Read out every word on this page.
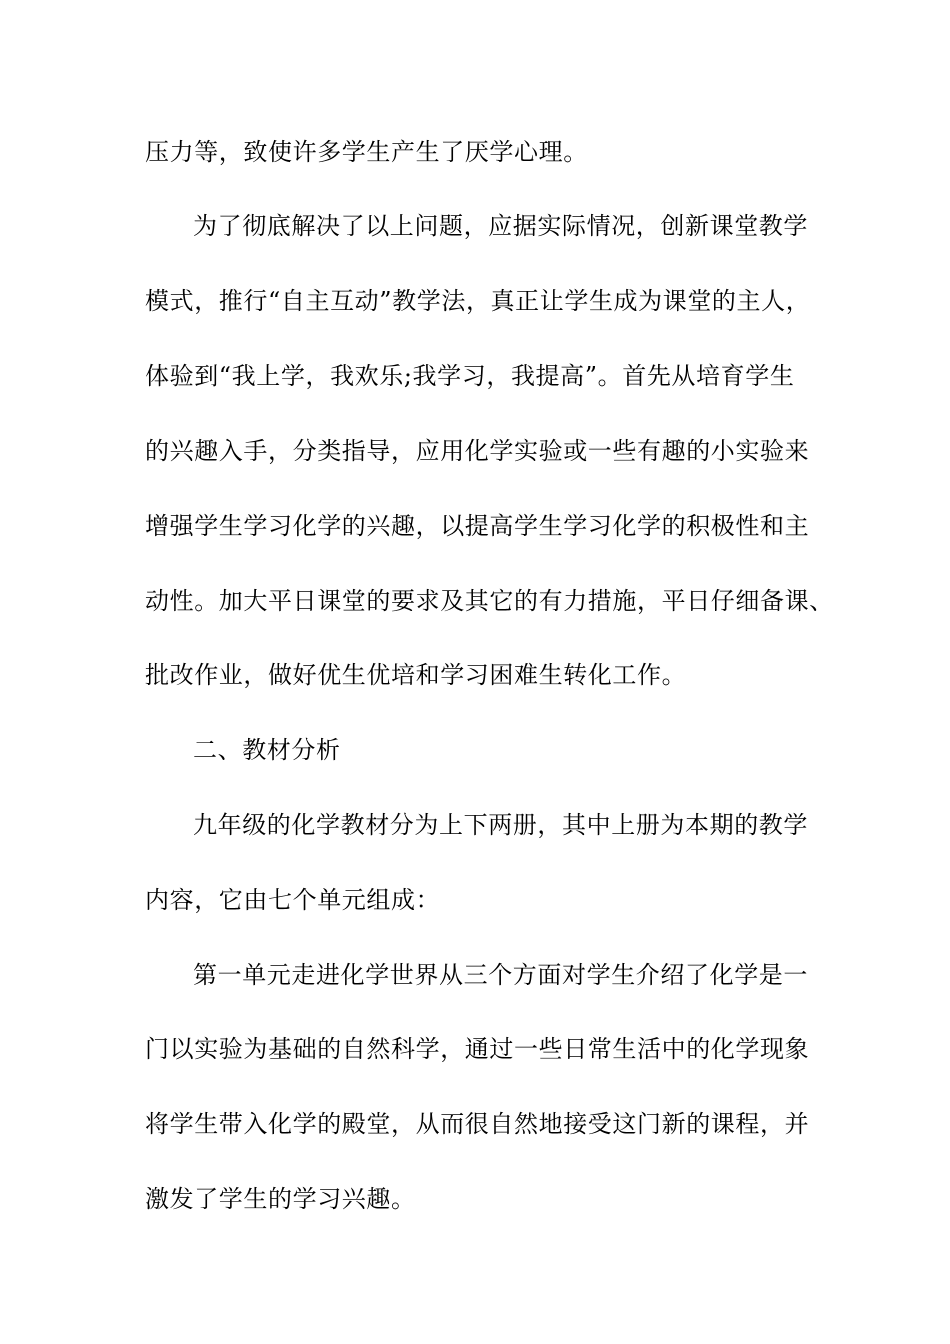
压力等，致使许多学生产生了厌学心理。
为了彻底解决了以上问题，应据实际情况，创新课堂教学
模式，推行“自主互动”教学法，真正让学生成为课堂的主人，
体验到“我上学，我欢乐;我学习，我提高”。首先从培育学生
的兴趣入手，分类指导，应用化学实验或一些有趣的小实验来
增强学生学习化学的兴趣，以提高学生学习化学的积极性和主
动性。加大平日课堂的要求及其它的有力措施，平日仔细备课、
批改作业，做好优生优培和学习困难生转化工作。
二、教材分析
九年级的化学教材分为上下两册，其中上册为本期的教学
内容，它由七个单元组成：
第一单元走进化学世界从三个方面对学生介绍了化学是一
门以实验为基础的自然科学，通过一些日常生活中的化学现象
将学生带入化学的殿堂，从而很自然地接受这门新的课程，并
激发了学生的学习兴趣。
